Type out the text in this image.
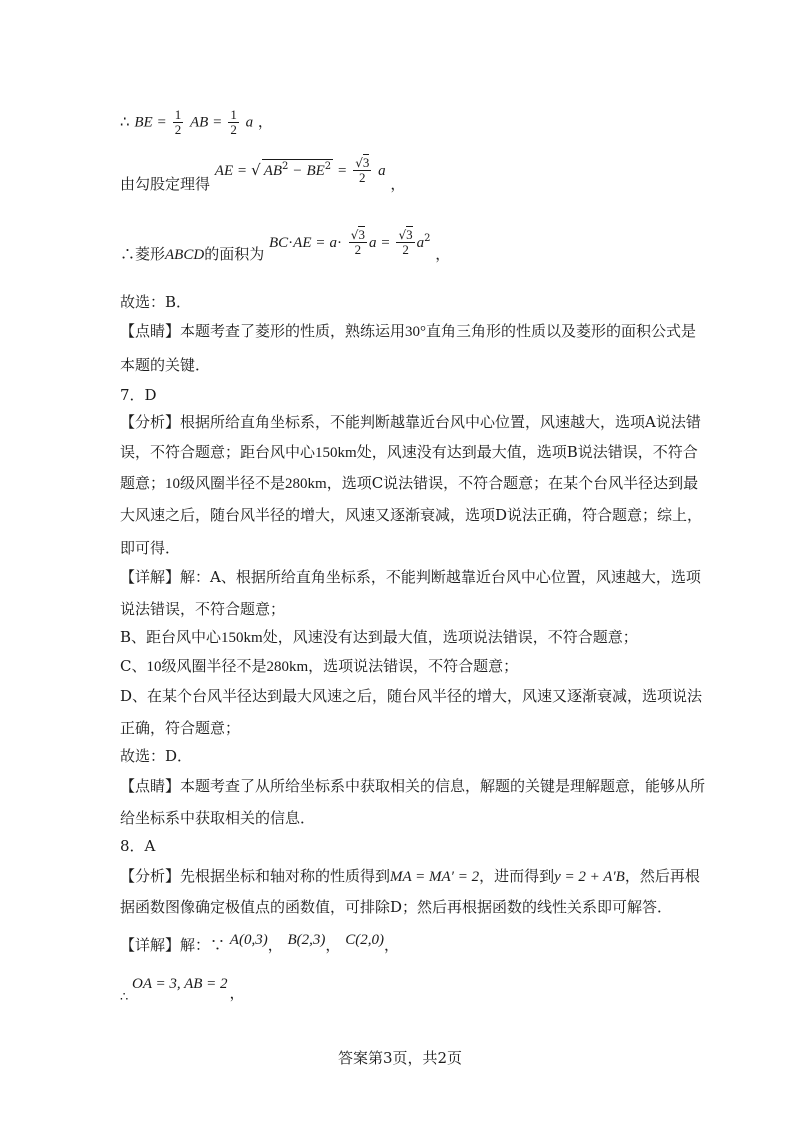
∴ BE = $\frac{1}{2}$ AB = $\frac{1}{2}$ a ，
由勾股定理得 AE = √ $AB^2 - BE^2 = \frac{√3}{2}$ a ，
∴菱形ABCD的面积为 $BC\cdot AE = a\cdot \frac{√3}{2}$ $a = \frac{√3}{2} a^2$ ，
故选：B．
【点睛】本题考查了菱形的性质，熟练运用30°直角三角形的性质以及菱形的面积公式是
本题的关键．
7．D
【分析】根据所给直角坐标系，不能判断越靠近台风中心位置，风速越大，选项A说法错
误，不符合题意；距台风中心150km处，风速没有达到最大值，选项B说法错误，不符合
题意；10级风圈半径不是280km，选项C说法错误，不符合题意；在某个台风半径达到最
大风速之后，随台风半径的增大，风速又逐渐衰减，选项D说法正确，符合题意；综上，
即可得．
【详解】解：A、根据所给直角坐标系，不能判断越靠近台风中心位置，风速越大，选项
说法错误，不符合题意；
B、距台风中心150km处，风速没有达到最大值，选项说法错误，不符合题意；
C、10级风圈半径不是280km，选项说法错误，不符合题意；
D、在某个台风半径达到最大风速之后，随台风半径的增大，风速又逐渐衰减，选项说法
正确，符合题意；
故选：D．
【点睛】本题考查了从所给坐标系中获取相关的信息，解题的关键是理解题意，能够从所
给坐标系中获取相关的信息．
8．A
【分析】先根据坐标和轴对称的性质得到MA = MA′ = 2，进而得到y = 2 + A′B，然后再根
据函数图像确定极值点的函数值，可排除D；然后再根据函数的线性关系即可解答．
【详解】解：∵ A(0,3)， B(2,3)， C(2,0)，
OA = 3, AB = 2 ，
∴
答案第3页，共2页
